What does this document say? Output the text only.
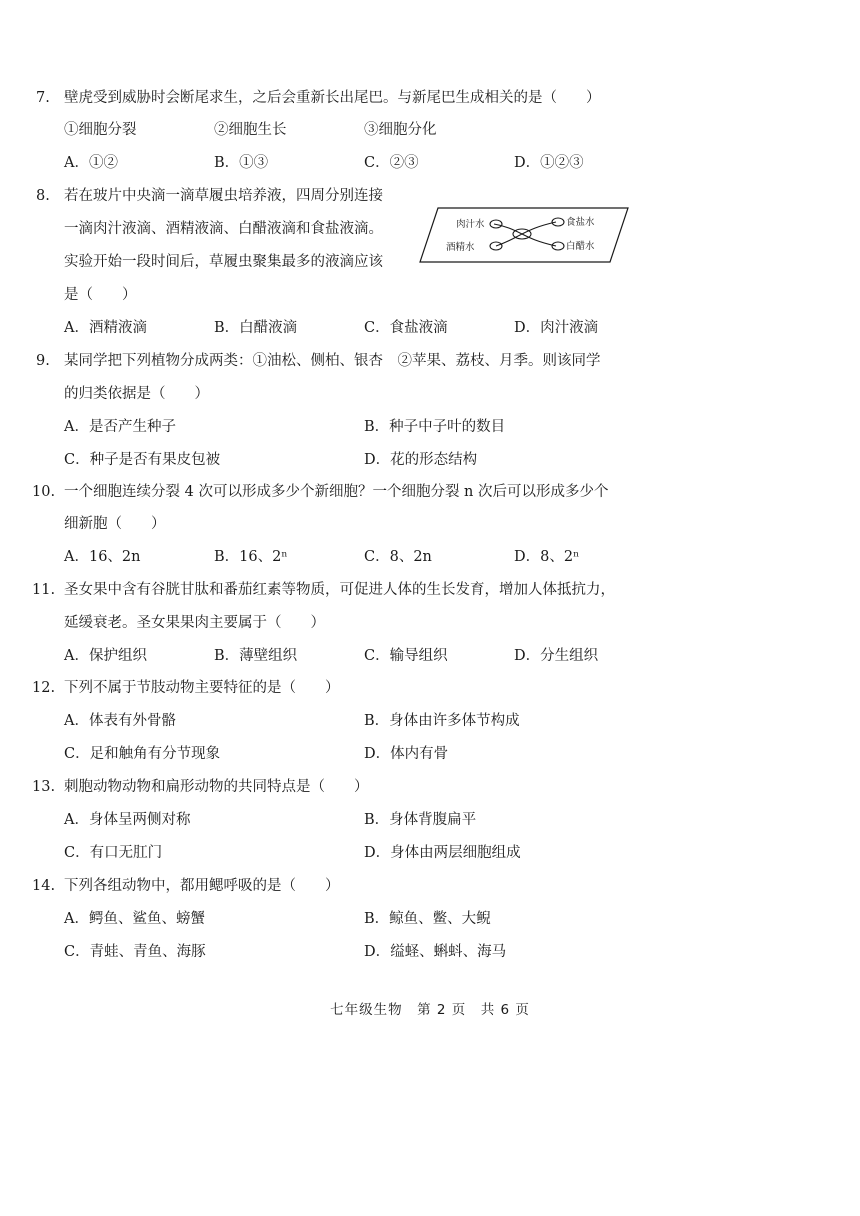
7. 壁虎受到威胁时会断尾求生，之后会重新长出尾巴。与新尾巴生成相关的是（　　）
①细胞分裂	②细胞生长	③细胞分化
A．①②	B．①③	C．②③	D．①②③
8. 若在玻片中央滴一滴草履虫培养液，四周分别连接
一滴肉汁液滴、酒精液滴、白醋液滴和食盐液滴。
实验开始一段时间后，草履虫聚集最多的液滴应该
是（　　）
肉汁水	食盐水
酒精水	白醋水
A．酒精液滴	B．白醋液滴	C．食盐液滴	D．肉汁液滴
9. 某同学把下列植物分成两类：①油松、侧柏、银杏　②苹果、荔枝、月季。则该同学
的归类依据是（　　）
A．是否产生种子	B．种子中子叶的数目
C．种子是否有果皮包被	D．花的形态结构
10. 一个细胞连续分裂 4 次可以形成多少个新细胞？一个细胞分裂 n 次后可以形成多少个
细新胞（　　）
A．16、2n	B．16、2ⁿ	C．8、2n	D．8、2ⁿ
11. 圣女果中含有谷胱甘肽和番茄红素等物质，可促进人体的生长发育，增加人体抵抗力，
延缓衰老。圣女果果肉主要属于（　　）
A．保护组织	B．薄壁组织	C．输导组织	D．分生组织
12. 下列不属于节肢动物主要特征的是（　　）
A．体表有外骨骼	B．身体由许多体节构成
C．足和触角有分节现象	D．体内有骨
13. 刺胞动物动物和扁形动物的共同特点是（　　）
A．身体呈两侧对称	B．身体背腹扁平
C．有口无肛门	D．身体由两层细胞组成
14. 下列各组动物中，都用鳃呼吸的是（　　）
A．鳄鱼、鲨鱼、螃蟹	B．鲸鱼、鳖、大鲵
C．青蛙、青鱼、海豚	D．缢蛏、蝌蚪、海马
七年级生物　第 2 页　共 6 页
